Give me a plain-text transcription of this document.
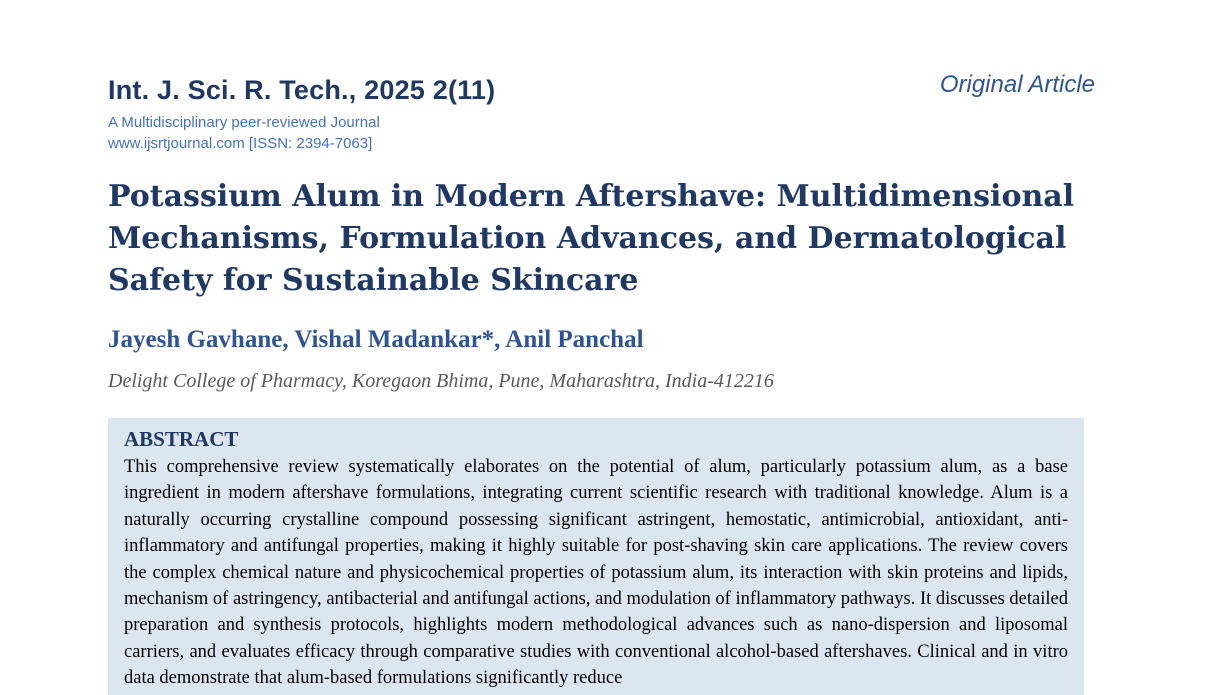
Int. J. Sci. R. Tech., 2025 2(11)	Original Article
A Multidisciplinary peer-reviewed Journal
www.ijsrtjournal.com [ISSN: 2394-7063]
Potassium Alum in Modern Aftershave: Multidimensional Mechanisms, Formulation Advances, and Dermatological Safety for Sustainable Skincare
Jayesh Gavhane, Vishal Madankar*, Anil Panchal
Delight College of Pharmacy, Koregaon Bhima, Pune, Maharashtra, India-412216
ABSTRACT

This comprehensive review systematically elaborates on the potential of alum, particularly potassium alum, as a base ingredient in modern aftershave formulations, integrating current scientific research with traditional knowledge. Alum is a naturally occurring crystalline compound possessing significant astringent, hemostatic, antimicrobial, antioxidant, anti-inflammatory and antifungal properties, making it highly suitable for post-shaving skin care applications. The review covers the complex chemical nature and physicochemical properties of potassium alum, its interaction with skin proteins and lipids, mechanism of astringency, antibacterial and antifungal actions, and modulation of inflammatory pathways. It discusses detailed preparation and synthesis protocols, highlights modern methodological advances such as nano-dispersion and liposomal carriers, and evaluates efficacy through comparative studies with conventional alcohol-based aftershaves. Clinical and in vitro data demonstrate that alum-based formulations significantly reduce
